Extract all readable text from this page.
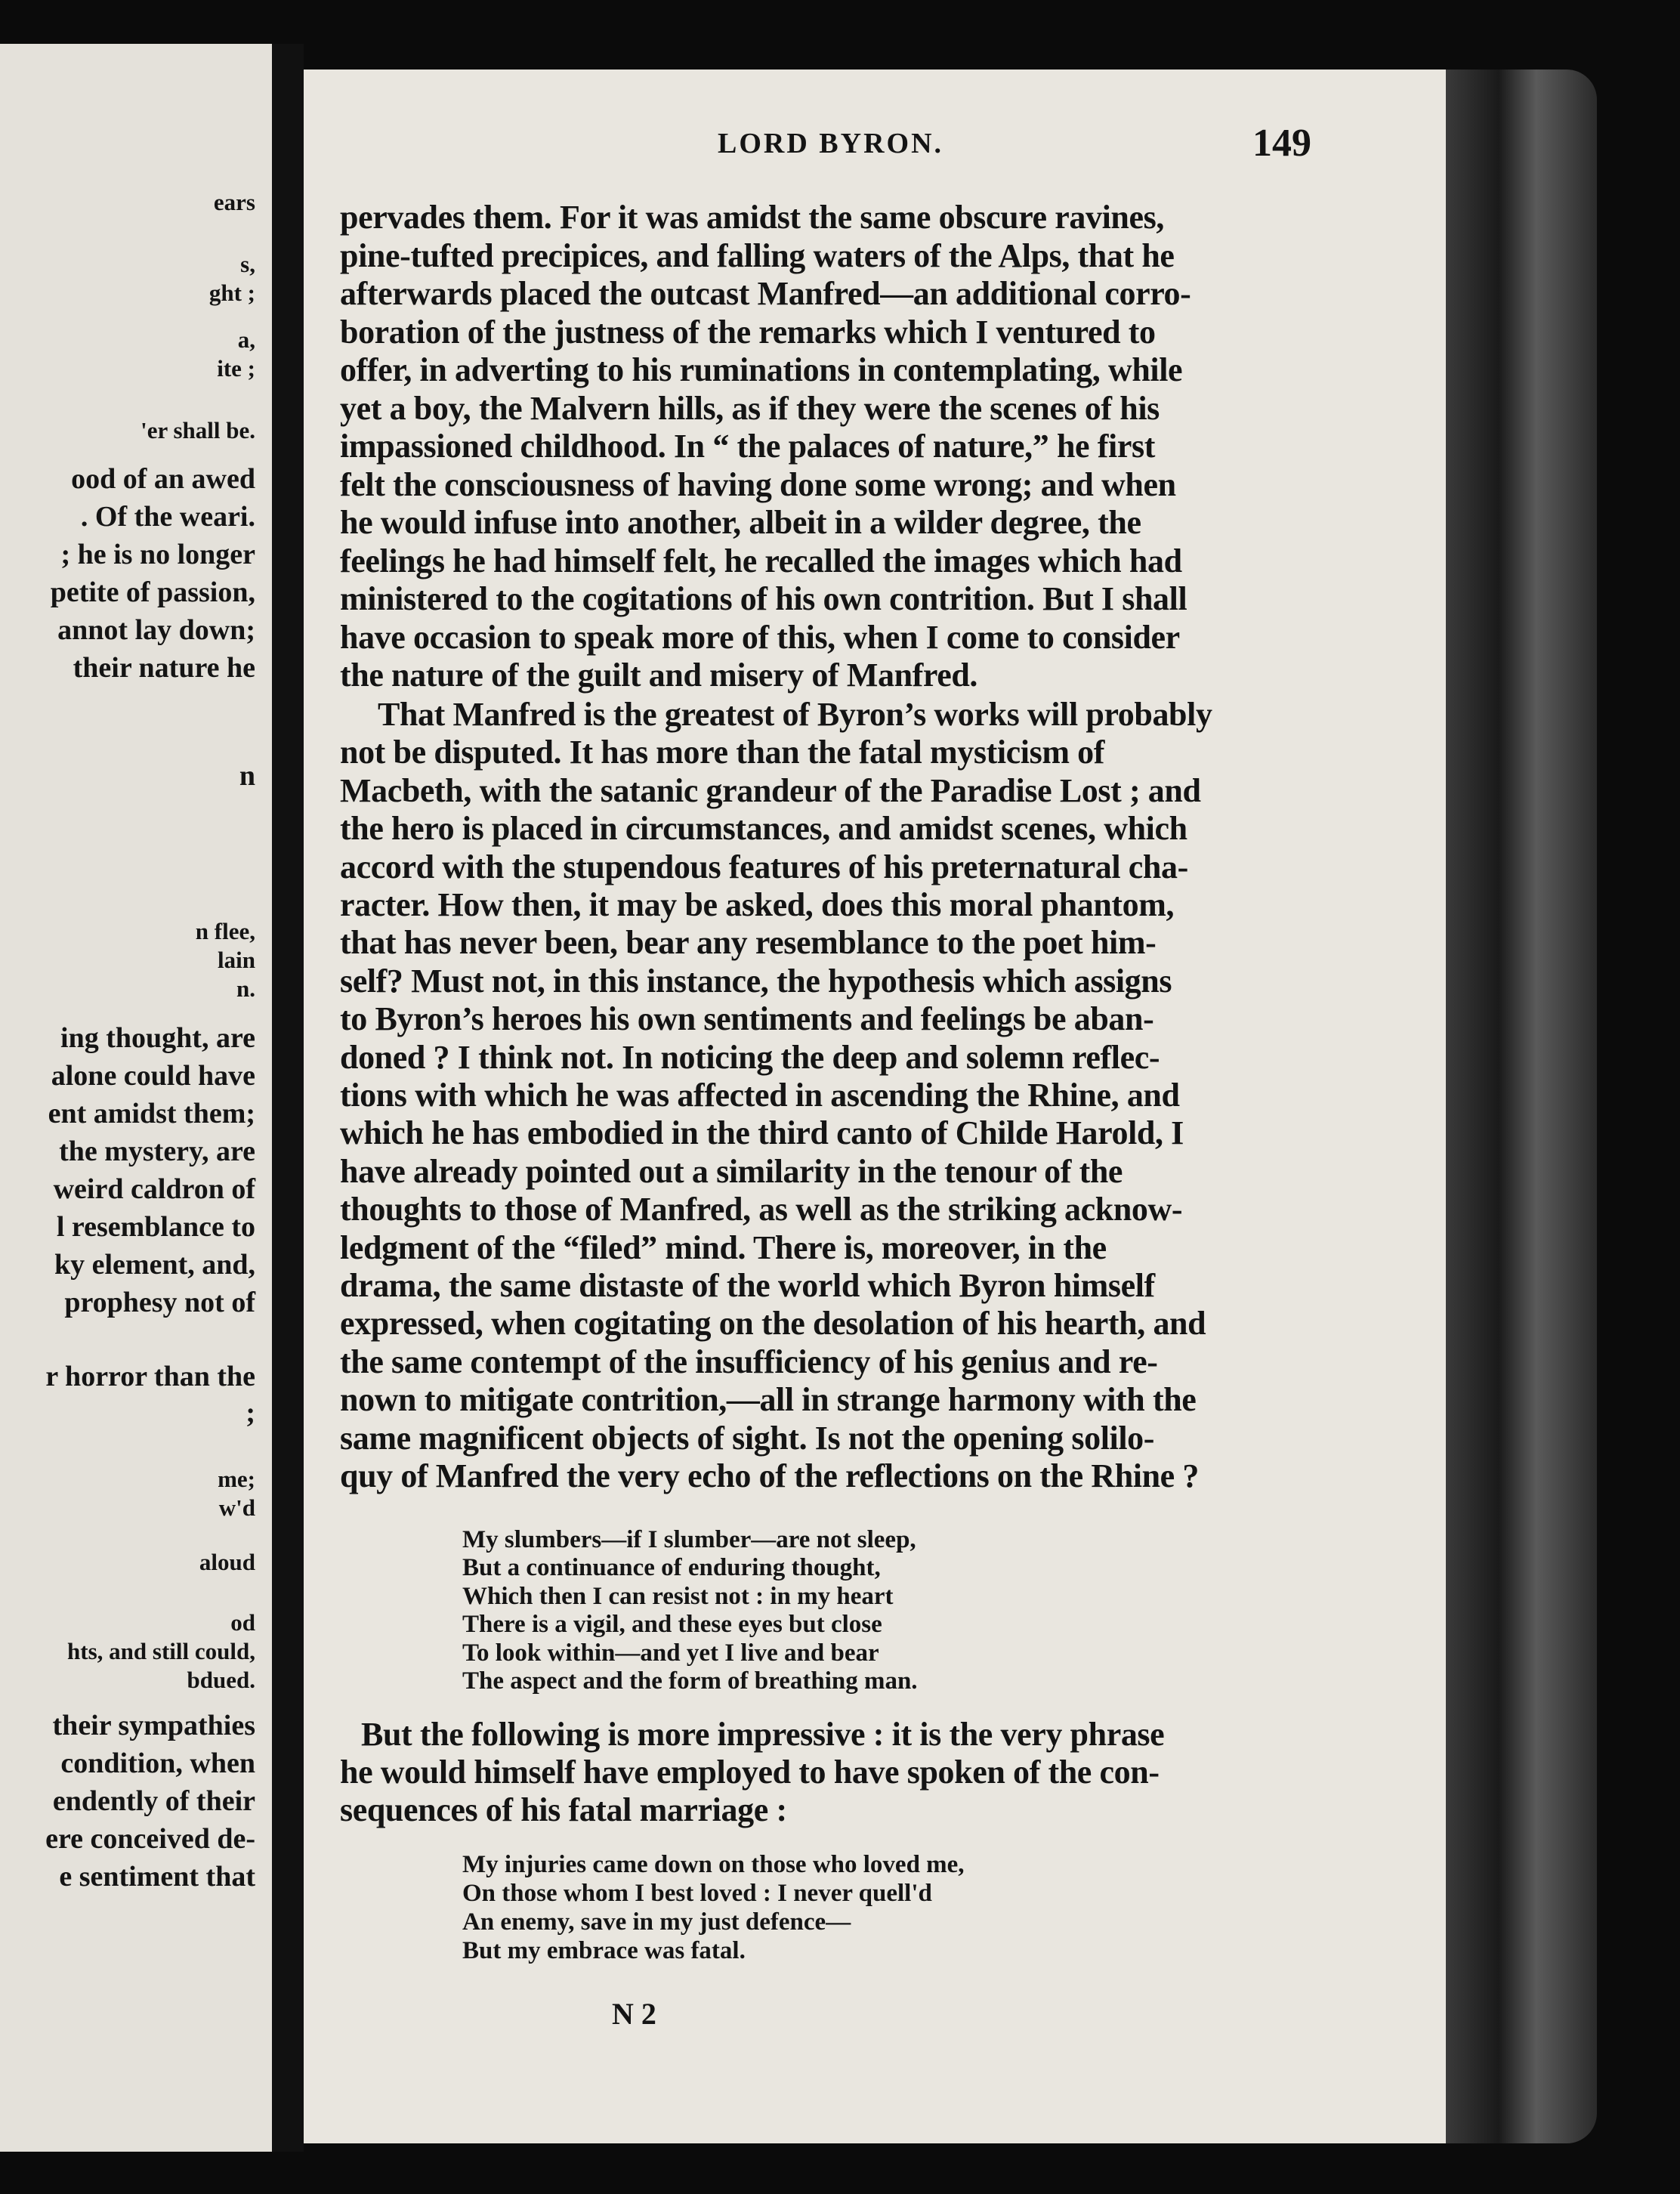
ears
s,
ght ;
a,
ite ;
'er shall be.
ood of an awed
. Of the weari.
; he is no longer
petite of passion,
annot lay down;
their nature he
n
n flee,
lain
n.
ing thought, are
alone could have
ent amidst them;
the mystery, are
weird caldron of
l resemblance to
ky element, and,
prophesy not of
r horror than the
;
me;
w'd
aloud
od
hts, and still could,
bdued.
their sympathies
condition, when
endently of their
ere conceived de-
e sentiment that
LORD BYRON.	149
pervades them. For it was amidst the same obscure ravines,
pine-tufted precipices, and falling waters of the Alps, that he
afterwards placed the outcast Manfred—an additional corro-
boration of the justness of the remarks which I ventured to
offer, in adverting to his ruminations in contemplating, while
yet a boy, the Malvern hills, as if they were the scenes of his
impassioned childhood. In “ the palaces of nature,” he first
felt the consciousness of having done some wrong; and when
he would infuse into another, albeit in a wilder degree, the
feelings he had himself felt, he recalled the images which had
ministered to the cogitations of his own contrition. But I shall
have occasion to speak more of this, when I come to consider
the nature of the guilt and misery of Manfred.
That Manfred is the greatest of Byron’s works will probably
not be disputed. It has more than the fatal mysticism of
Macbeth, with the satanic grandeur of the Paradise Lost ; and
the hero is placed in circumstances, and amidst scenes, which
accord with the stupendous features of his preternatural cha-
racter. How then, it may be asked, does this moral phantom,
that has never been, bear any resemblance to the poet him-
self? Must not, in this instance, the hypothesis which assigns
to Byron’s heroes his own sentiments and feelings be aban-
doned ? I think not. In noticing the deep and solemn reflec-
tions with which he was affected in ascending the Rhine, and
which he has embodied in the third canto of Childe Harold, I
have already pointed out a similarity in the tenour of the
thoughts to those of Manfred, as well as the striking acknow-
ledgment of the “filed” mind. There is, moreover, in the
drama, the same distaste of the world which Byron himself
expressed, when cogitating on the desolation of his hearth, and
the same contempt of the insufficiency of his genius and re-
nown to mitigate contrition,—all in strange harmony with the
same magnificent objects of sight. Is not the opening solilo-
quy of Manfred the very echo of the reflections on the Rhine ?
My slumbers—if I slumber—are not sleep,
But a continuance of enduring thought,
Which then I can resist not : in my heart
There is a vigil, and these eyes but close
To look within—and yet I live and bear
The aspect and the form of breathing man.
But the following is more impressive : it is the very phrase
he would himself have employed to have spoken of the con-
sequences of his fatal marriage :
My injuries came down on those who loved me,
On those whom I best loved : I never quell'd
An enemy, save in my just defence—
But my embrace was fatal.
N 2
